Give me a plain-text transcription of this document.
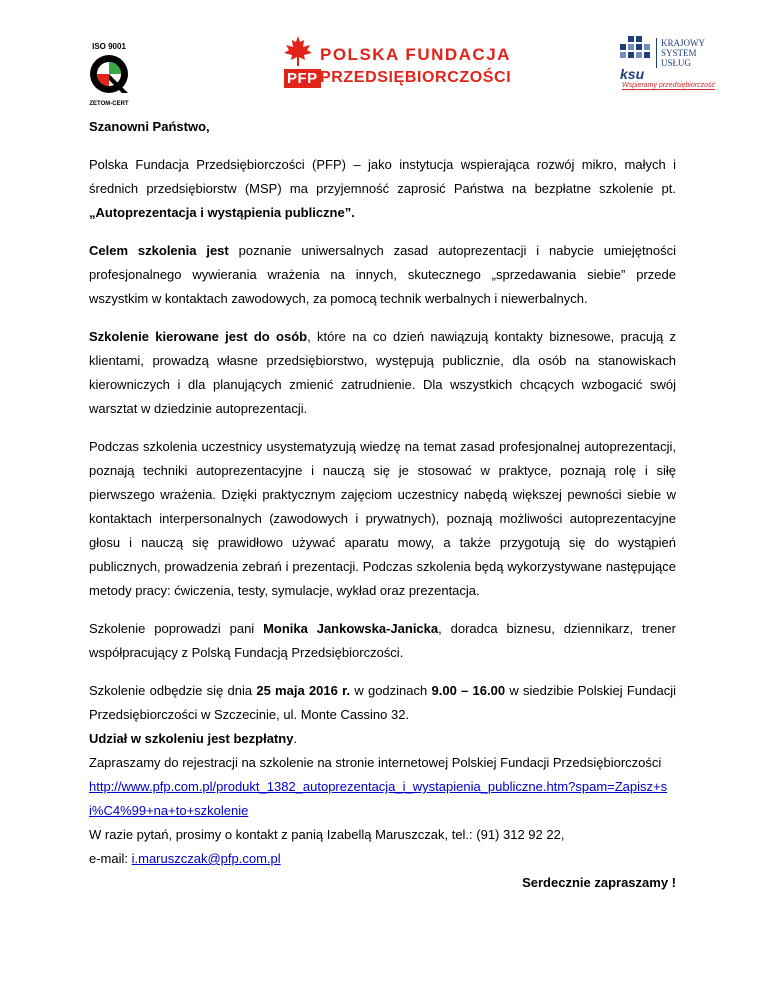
ISO 9001
ZETOM-CERT
PFP
POLSKA FUNDACJA
PRZEDSIĘBIORCZOŚCI
KRAJOWY
SYSTEM
USŁUG
ksu
Wspieramy przedsiębiorczość

Szanowni Państwo,

Polska Fundacja Przedsiębiorczości (PFP) – jako instytucja wspierająca rozwój mikro, małych i średnich przedsiębiorstw (MSP) ma przyjemność zaprosić Państwa na bezpłatne szkolenie pt. „Autoprezentacja i wystąpienia publiczne”.

Celem szkolenia jest poznanie uniwersalnych zasad autoprezentacji i nabycie umiejętności profesjonalnego wywierania wrażenia na innych, skutecznego „sprzedawania siebie” przede wszystkim w kontaktach zawodowych, za pomocą technik werbalnych i niewerbalnych.

Szkolenie kierowane jest do osób, które na co dzień nawiązują kontakty biznesowe, pracują z klientami, prowadzą własne przedsiębiorstwo, występują publicznie, dla osób na stanowiskach kierowniczych i dla planujących zmienić zatrudnienie. Dla wszystkich chcących wzbogacić swój warsztat w dziedzinie autoprezentacji.

Podczas szkolenia uczestnicy usystematyzują wiedzę na temat zasad profesjonalnej autoprezentacji, poznają techniki autoprezentacyjne i nauczą się je stosować w praktyce, poznają rolę i siłę pierwszego wrażenia. Dzięki praktycznym zajęciom uczestnicy nabędą większej pewności siebie w kontaktach interpersonalnych (zawodowych i prywatnych), poznają możliwości autoprezentacyjne głosu i nauczą się prawidłowo używać aparatu mowy, a także przygotują się do wystąpień publicznych, prowadzenia zebrań i prezentacji. Podczas szkolenia będą wykorzystywane następujące metody pracy: ćwiczenia, testy, symulacje, wykład oraz prezentacja.

Szkolenie poprowadzi pani Monika Jankowska-Janicka, doradca biznesu, dziennikarz, trener współpracujący z Polską Fundacją Przedsiębiorczości.

Szkolenie odbędzie się dnia 25 maja 2016 r. w godzinach 9.00 – 16.00 w siedzibie Polskiej Fundacji Przedsiębiorczości w Szczecinie, ul. Monte Cassino 32.

Udział w szkoleniu jest bezpłatny.

Zapraszamy do rejestracji na szkolenie na stronie internetowej Polskiej Fundacji Przedsiębiorczości

http://www.pfp.com.pl/produkt_1382_autoprezentacja_i_wystapienia_publiczne.htm?spam=Zapisz+si%C4%99+na+to+szkolenie

W razie pytań, prosimy o kontakt z panią Izabellą Maruszczak, tel.: (91) 312 92 22,

e-mail: i.maruszczak@pfp.com.pl

Serdecznie zapraszamy !
